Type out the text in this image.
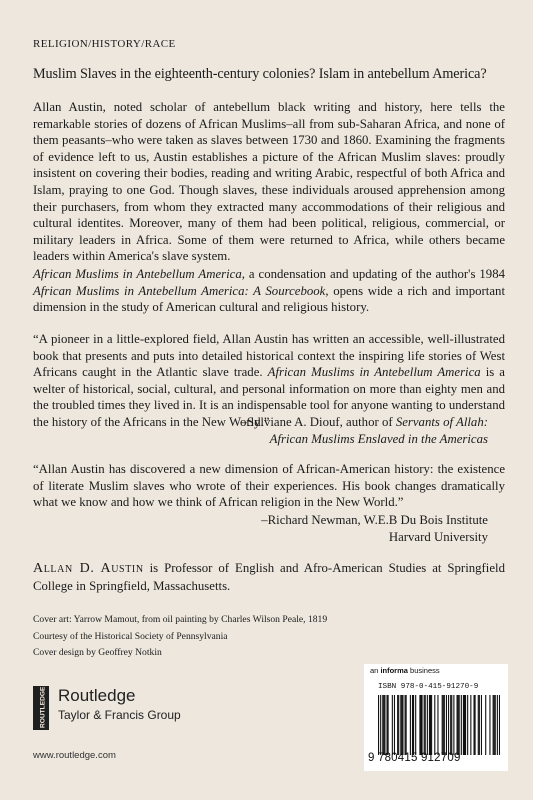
RELIGION/HISTORY/RACE
Muslim Slaves in the eighteenth-century colonies? Islam in antebellum America?

Allan Austin, noted scholar of antebellum black writing and history, here tells the remarkable stories of dozens of African Muslims–all from sub-Saharan Africa, and none of them peasants–who were taken as slaves between 1730 and 1860. Examining the fragments of evidence left to us, Austin establishes a picture of the African Muslim slaves: proudly insistent on covering their bodies, reading and writing Arabic, respectful of both Africa and Islam, praying to one God. Though slaves, these individuals aroused apprehension among their purchasers, from whom they extracted many accommodations of their religious and cultural identites. Moreover, many of them had been political, religious, commercial, or military leaders in Africa. Some of them were returned to Africa, while others became leaders within America's slave system.

African Muslims in Antebellum America, a condensation and updating of the author's 1984 African Muslims in Antebellum America: A Sourcebook, opens wide a rich and important dimension in the study of American cultural and religious history.

“A pioneer in a little-explored field, Allan Austin has written an accessible, well-illustrated book that presents and puts into detailed historical context the inspiring life stories of West Africans caught in the Atlantic slave trade. African Muslims in Antebellum America is a welter of historical, social, cultural, and personal information on more than eighty men and the troubled times they lived in. It is an indispensable tool for anyone wanting to understand the history of the Africans in the New World.”

–Sylviane A. Diouf, author of Servants of Allah:
African Muslims Enslaved in the Americas

“Allan Austin has discovered a new dimension of African-American history: the existence of literate Muslim slaves who wrote of their experiences. His book changes dramatically what we know and how we think of African religion in the New World.”

–Richard Newman, W.E.B Du Bois Institute
Harvard University
Allan D. Austin is Professor of English and Afro-American Studies at Springfield College in Springfield, Massachusetts.
Cover art: Yarrow Mamout, from oil painting by Charles Wilson Peale, 1819
Courtesy of the Historical Society of Pennsylvania
Cover design by Geoffrey Notkin
ROUTLEDGE Routledge
Taylor & Francis Group
www.routledge.com
an informa business
ISBN 978-0-415-91270-9
9 780415 912709
